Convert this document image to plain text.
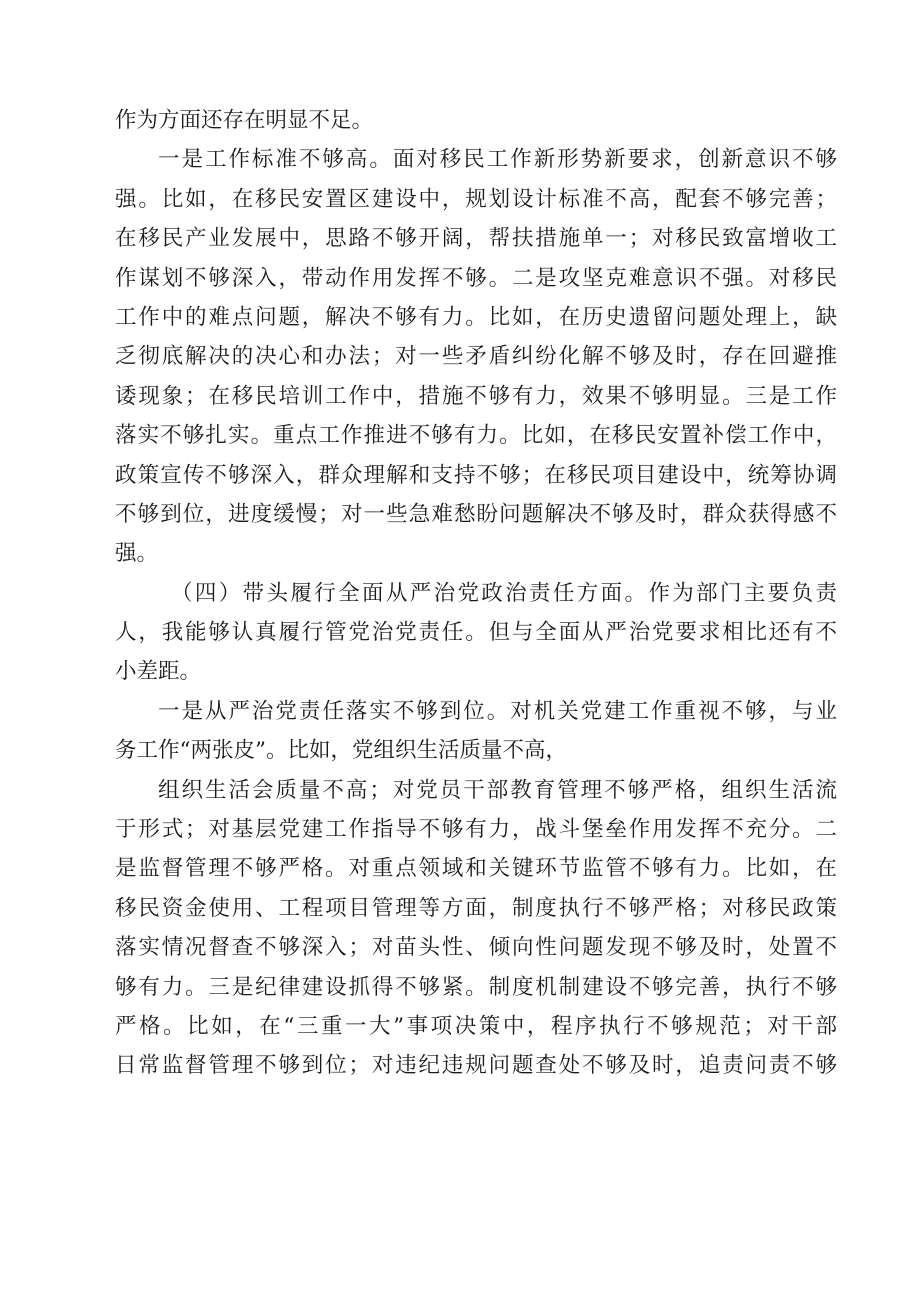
作为方面还存在明显不足。
一是工作标准不够高。面对移民工作新形势新要求，创新意识不够
强。比如，在移民安置区建设中，规划设计标准不高，配套不够完善；
在移民产业发展中，思路不够开阔，帮扶措施单一；对移民致富增收工
作谋划不够深入，带动作用发挥不够。二是攻坚克难意识不强。对移民
工作中的难点问题，解决不够有力。比如，在历史遗留问题处理上，缺
乏彻底解决的决心和办法；对一些矛盾纠纷化解不够及时，存在回避推
诿现象；在移民培训工作中，措施不够有力，效果不够明显。三是工作
落实不够扎实。重点工作推进不够有力。比如，在移民安置补偿工作中，
政策宣传不够深入，群众理解和支持不够；在移民项目建设中，统筹协调
不够到位，进度缓慢；对一些急难愁盼问题解决不够及时，群众获得感不
强。
（四）带头履行全面从严治党政治责任方面。作为部门主要负责
人，我能够认真履行管党治党责任。但与全面从严治党要求相比还有不
小差距。
一是从严治党责任落实不够到位。对机关党建工作重视不够，与业
务工作“两张皮”。比如，党组织生活质量不高，
组织生活会质量不高；对党员干部教育管理不够严格，组织生活流
于形式；对基层党建工作指导不够有力，战斗堡垒作用发挥不充分。二
是监督管理不够严格。对重点领域和关键环节监管不够有力。比如，在
移民资金使用、工程项目管理等方面，制度执行不够严格；对移民政策
落实情况督查不够深入；对苗头性、倾向性问题发现不够及时，处置不
够有力。三是纪律建设抓得不够紧。制度机制建设不够完善，执行不够
严格。比如，在“三重一大”事项决策中，程序执行不够规范；对干部
日常监督管理不够到位；对违纪违规问题查处不够及时，追责问责不够
